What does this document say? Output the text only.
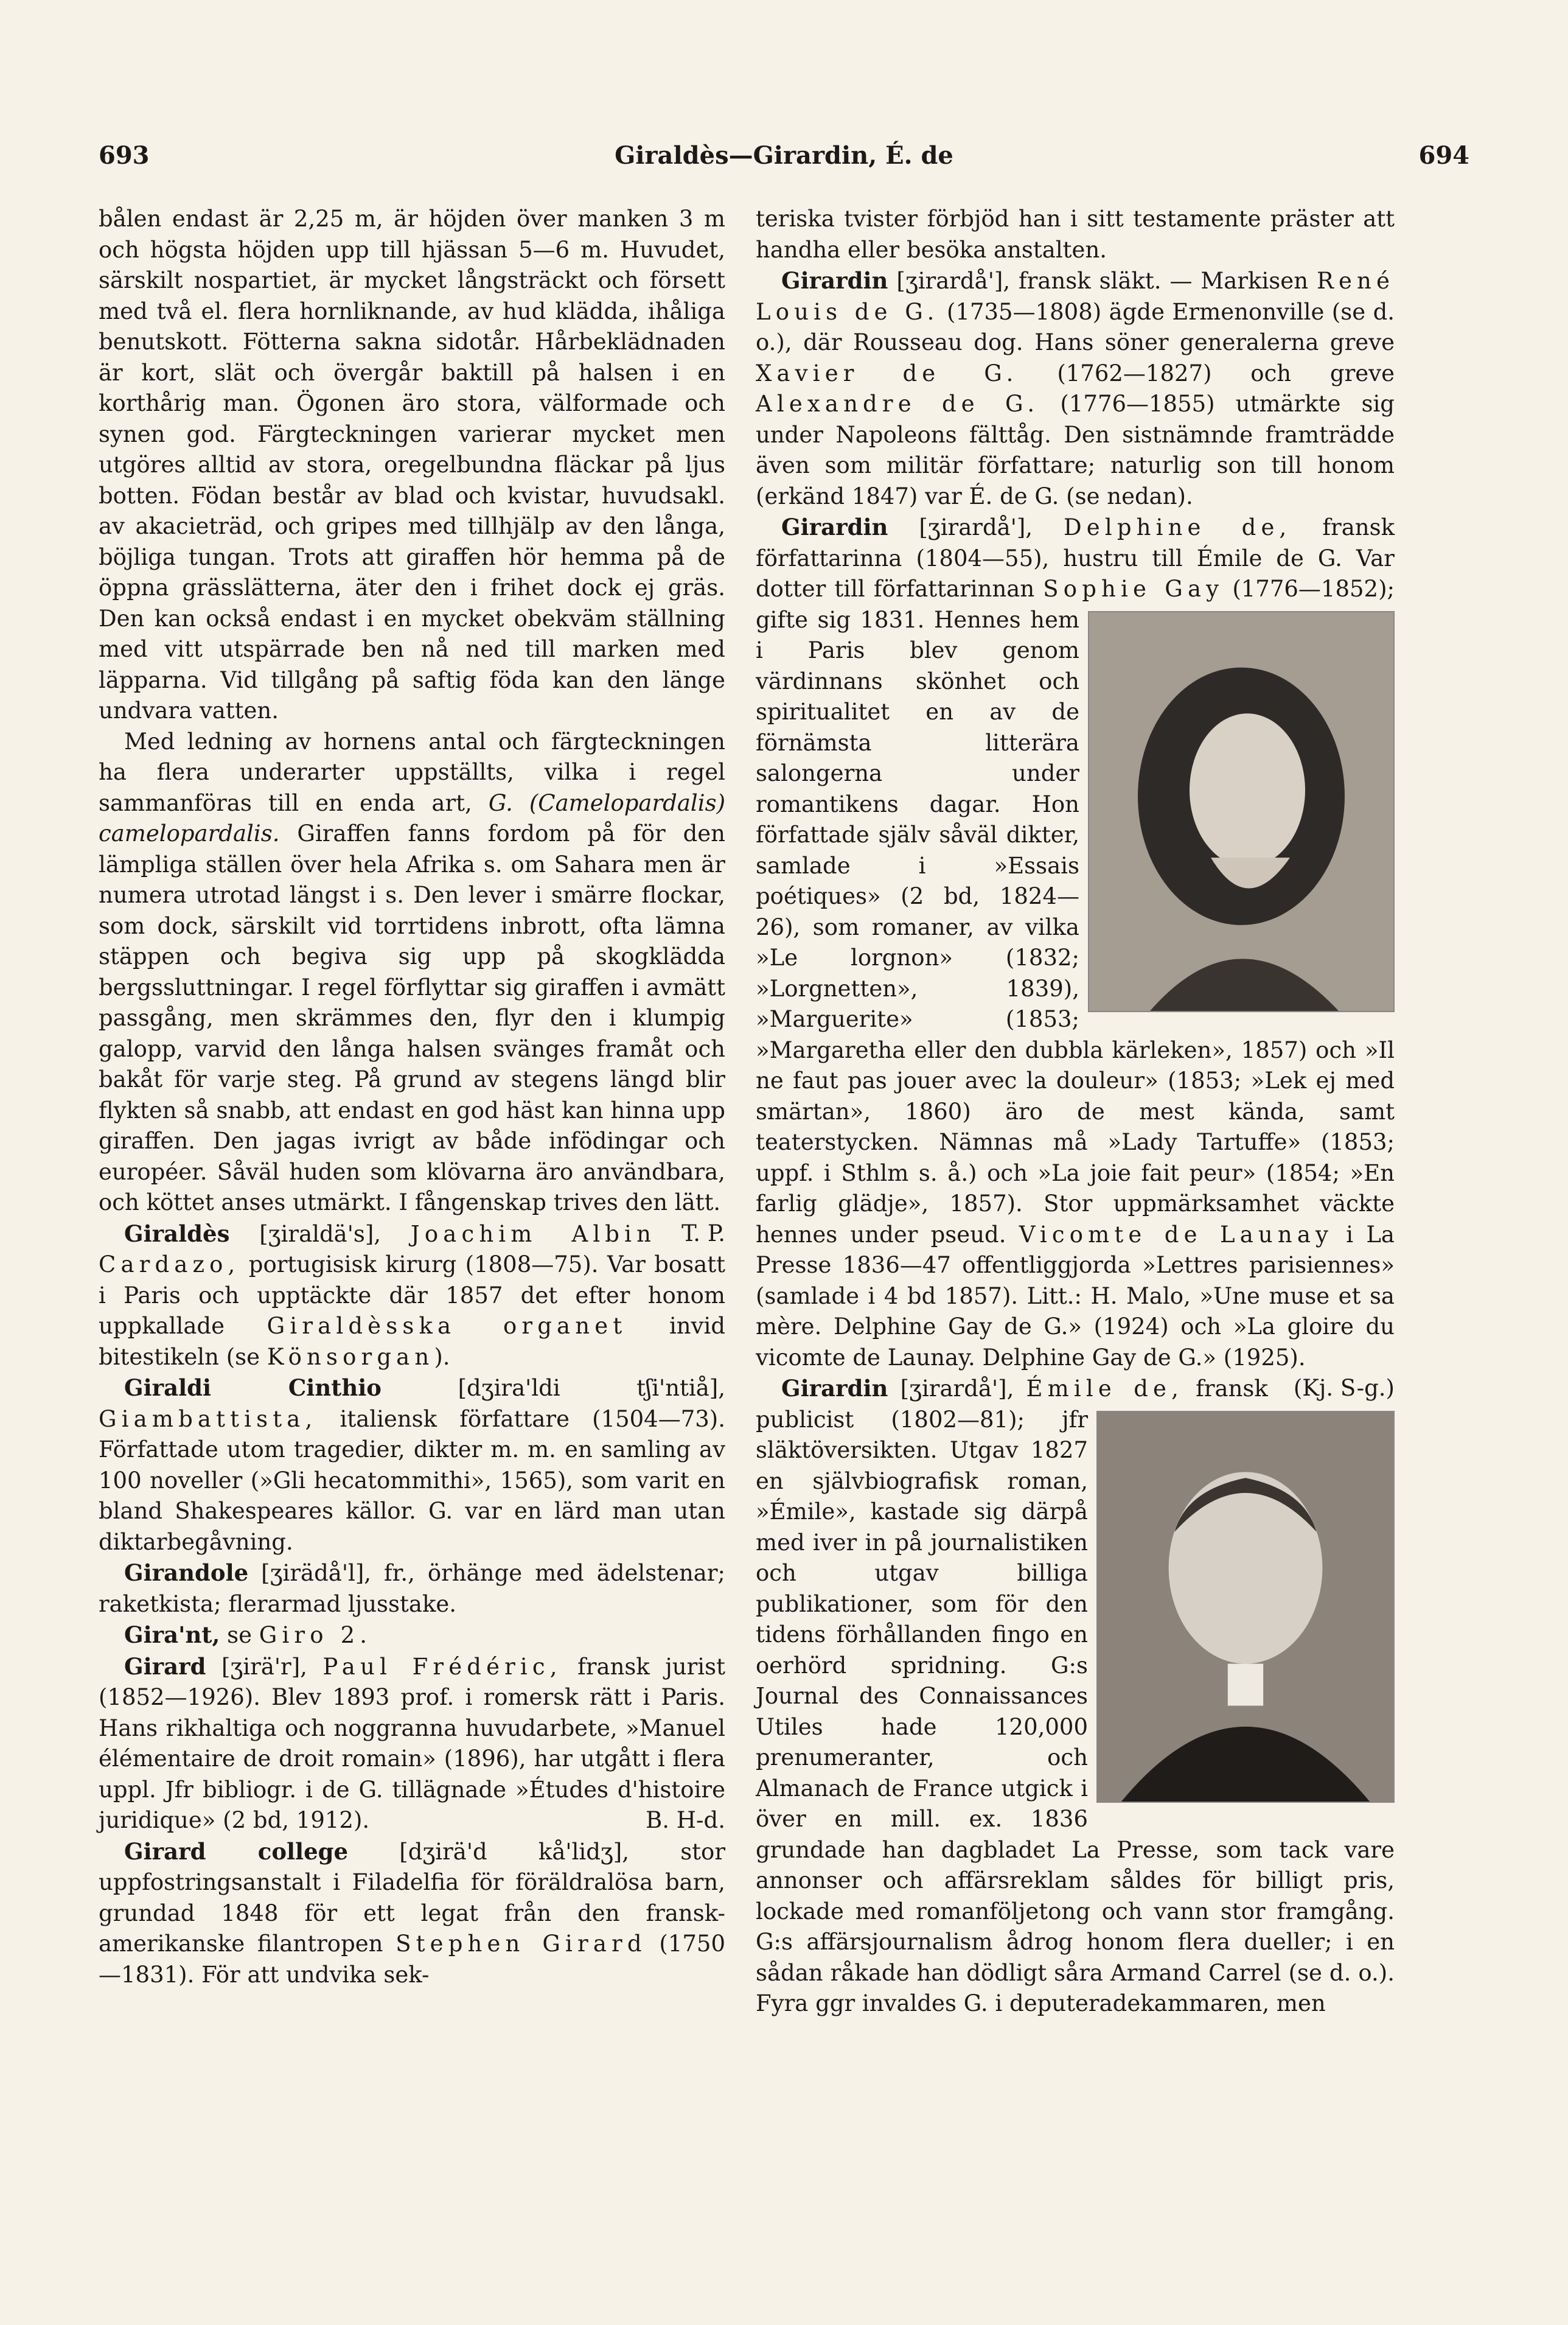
693	Giraldès—Girardin, É. de	694

bålen endast är 2,25 m, är höjden över manken 3 m och högsta höjden upp till hjässan 5—6 m. Huvudet, särskilt nospartiet, är mycket långsträckt och försett med två el. flera hornliknande, av hud klädda, ihåliga benutskott. Fötterna sakna sidotår. Hårbeklädnaden är kort, slät och övergår baktill på halsen i en korthårig man. Ögonen äro stora, välformade och synen god. Färgteckningen varierar mycket men utgöres alltid av stora, oregelbundna fläckar på ljus botten. Födan består av blad och kvistar, huvudsakl. av akacieträd, och gripes med tillhjälp av den långa, böjliga tungan. Trots att giraffen hör hemma på de öppna grässlätterna, äter den i frihet dock ej gräs. Den kan också endast i en mycket obekväm ställning med vitt utspärrade ben nå ned till marken med läpparna. Vid tillgång på saftig föda kan den länge undvara vatten.

Med ledning av hornens antal och färgteckningen ha flera underarter uppställts, vilka i regel sammanföras till en enda art, G. (Camelopardalis) camelopardalis. Giraffen fanns fordom på för den lämpliga ställen över hela Afrika s. om Sahara men är numera utrotad längst i s. Den lever i smärre flockar, som dock, särskilt vid torrtidens inbrott, ofta lämna stäppen och begiva sig upp på skogklädda bergssluttningar. I regel förflyttar sig giraffen i avmätt passgång, men skrämmes den, flyr den i klumpig galopp, varvid den långa halsen svänges framåt och bakåt för varje steg. På grund av stegens längd blir flykten så snabb, att endast en god häst kan hinna upp giraffen. Den jagas ivrigt av både infödingar och européer. Såväl huden som klövarna äro användbara, och köttet anses utmärkt. I fångenskap trives den lätt.
T. P.

Giraldès [ʒiraldä's], Joachim Albin Cardazo, portugisisk kirurg (1808—75). Var bosatt i Paris och upptäckte där 1857 det efter honom uppkallade Giraldèsska organet invid bitestikeln (se Könsorgan).

Giraldi Cinthio	[dʒira'ldi tʃi'ntiå], Giambattista, italiensk författare (1504—73). Författade utom tragedier, dikter m. m. en samling av 100 noveller (»Gli hecatommithi», 1565), som varit en bland Shakespeares källor. G. var en lärd man utan diktarbegåvning.

Girandole [ʒirädå'l], fr., örhänge med ädelstenar; raketkista; flerarmad ljusstake.

Gira'nt, se Giro 2.

Girard [ʒirä'r], Paul Frédéric, fransk jurist (1852—1926). Blev 1893 prof. i romersk rätt i Paris. Hans rikhaltiga och noggranna huvudarbete, »Manuel élémentaire de droit romain» (1896), har utgått i flera uppl. Jfr bibliogr. i de G. tillägnade »Études d'histoire juridique» (2 bd, 1912).	B. H-d.

Girard college [dʒirä'd kå'lidʒ], stor uppfostringsanstalt i Filadelfia för föräldralösa barn, grundad 1848 för ett legat från den fransk-amerikanske filantropen Stephen Girard (1750—1831). För att undvika sek-

teriska tvister förbjöd han i sitt testamente präster att handha eller besöka anstalten.

Girardin [ʒirardå'], fransk släkt. — Markisen René Louis de G. (1735—1808) ägde Ermenonville (se d. o.), där Rousseau dog. Hans söner generalerna greve Xavier de G. (1762—1827) och greve Alexandre de G. (1776—1855) utmärkte sig under Napoleons fälttåg. Den sistnämnde framträdde även som militär författare; naturlig son till honom (erkänd 1847) var É. de G. (se nedan).

Girardin [ʒirardå'], Delphine de, fransk författarinna (1804—55), hustru till Émile de G. Var dotter till författarinnan Sophie Gay (1776—1852); gifte sig 1831. Hennes hem i Paris blev genom värdinnans skönhet och spiritualitet en av de förnämsta litterära salongerna under romantikens dagar. Hon författade själv såväl dikter, samlade i »Essais poétiques» (2 bd, 1824—26), som romaner, av vilka »Le lorgnon» (1832; »Lorgnetten», 1839), »Marguerite» (1853; »Margaretha eller den dubbla kärleken», 1857) och »Il ne faut pas jouer avec la douleur» (1853; »Lek ej med smärtan», 1860) äro de mest kända, samt teaterstycken. Nämnas må »Lady Tartuffe» (1853; uppf. i Sthlm s. å.) och »La joie fait peur» (1854; »En farlig glädje», 1857). Stor uppmärksamhet väckte hennes under pseud. Vicomte de Launay i La Presse 1836—47 offentliggjorda »Lettres parisiennes» (samlade i 4 bd 1857). Litt.: H. Malo, »Une muse et sa mère. Delphine Gay de G.» (1924) och »La gloire du vicomte de Launay. Delphine Gay de G.» (1925).
(Kj. S-g.)

Girardin [ʒirardå'], Émile de, fransk publicist (1802—81); jfr släktöversikten. Utgav 1827 en självbiografisk roman, »Émile», kastade sig därpå med iver in på journalistiken och utgav billiga publikationer, som för den tidens förhållanden fingo en oerhörd spridning. G:s Journal des Connaissances Utiles hade 120,000 prenumeranter, och Almanach de France utgick i över en mill. ex. 1836 grundade han dagbladet La Presse, som tack vare annonser och affärsreklam såldes för billigt pris, lockade med romanföljetong och vann stor framgång. G:s affärsjournalism ådrog honom flera dueller; i en sådan råkade han dödligt såra Armand Carrel (se d. o.). Fyra ggr invaldes G. i deputeradekammaren, men
